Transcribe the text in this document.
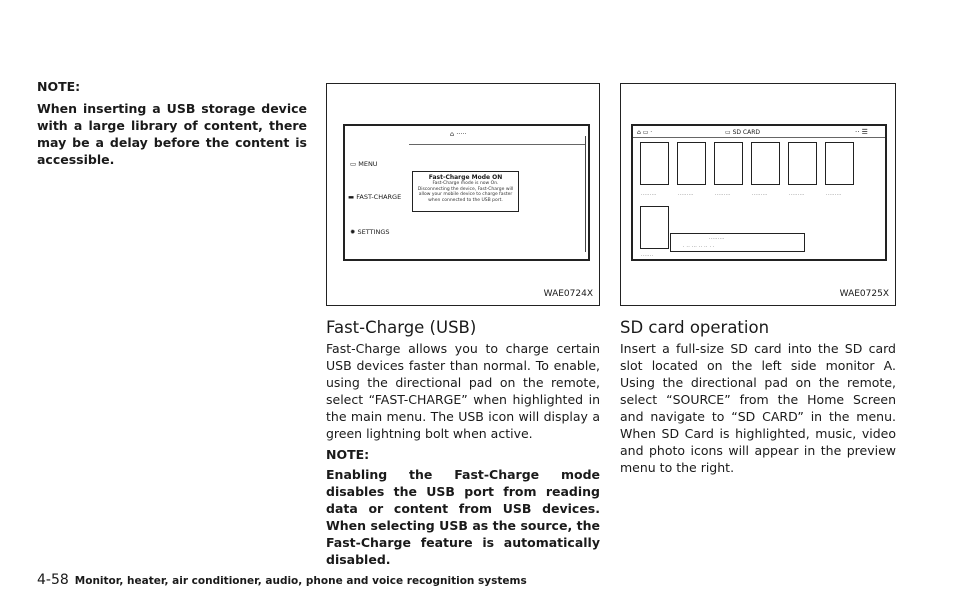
NOTE:

When inserting a USB storage device with a large library of content, there may be a delay before the content is accessible.

⌂ ·····
▭ MENU
▬ FAST-CHARGE
✹ SETTINGS
Fast-Charge Mode ON
Fast-Charge mode is now On. Disconnecting the device, Fast-Charge will allow your mobile device to charge faster when connected to the USB port.
WAE0724X
⌂ ▭ ·	▭ SD CARD	·· ☰
·········	·········	·········	·········	·········	·········
·······
·········
· ·· ··· ·· ·· · ·
WAE0725X
Fast-Charge (USB)

Fast-Charge allows you to charge certain USB devices faster than normal. To enable, using the directional pad on the remote, select “FAST-CHARGE” when highlighted in the main menu. The USB icon will display a green lightning bolt when active.

NOTE:

Enabling the Fast-Charge mode disables the USB port from reading data or content from USB devices. When selecting USB as the source, the Fast-Charge feature is automatically disabled.

SD card operation

Insert a full-size SD card into the SD card slot located on the left side monitor A. Using the directional pad on the remote, select “SOURCE” from the Home Screen and navigate to “SD CARD” in the menu. When SD Card is highlighted, music, video and photo icons will appear in the preview menu to the right.

4-58 Monitor, heater, air conditioner, audio, phone and voice recognition systems
